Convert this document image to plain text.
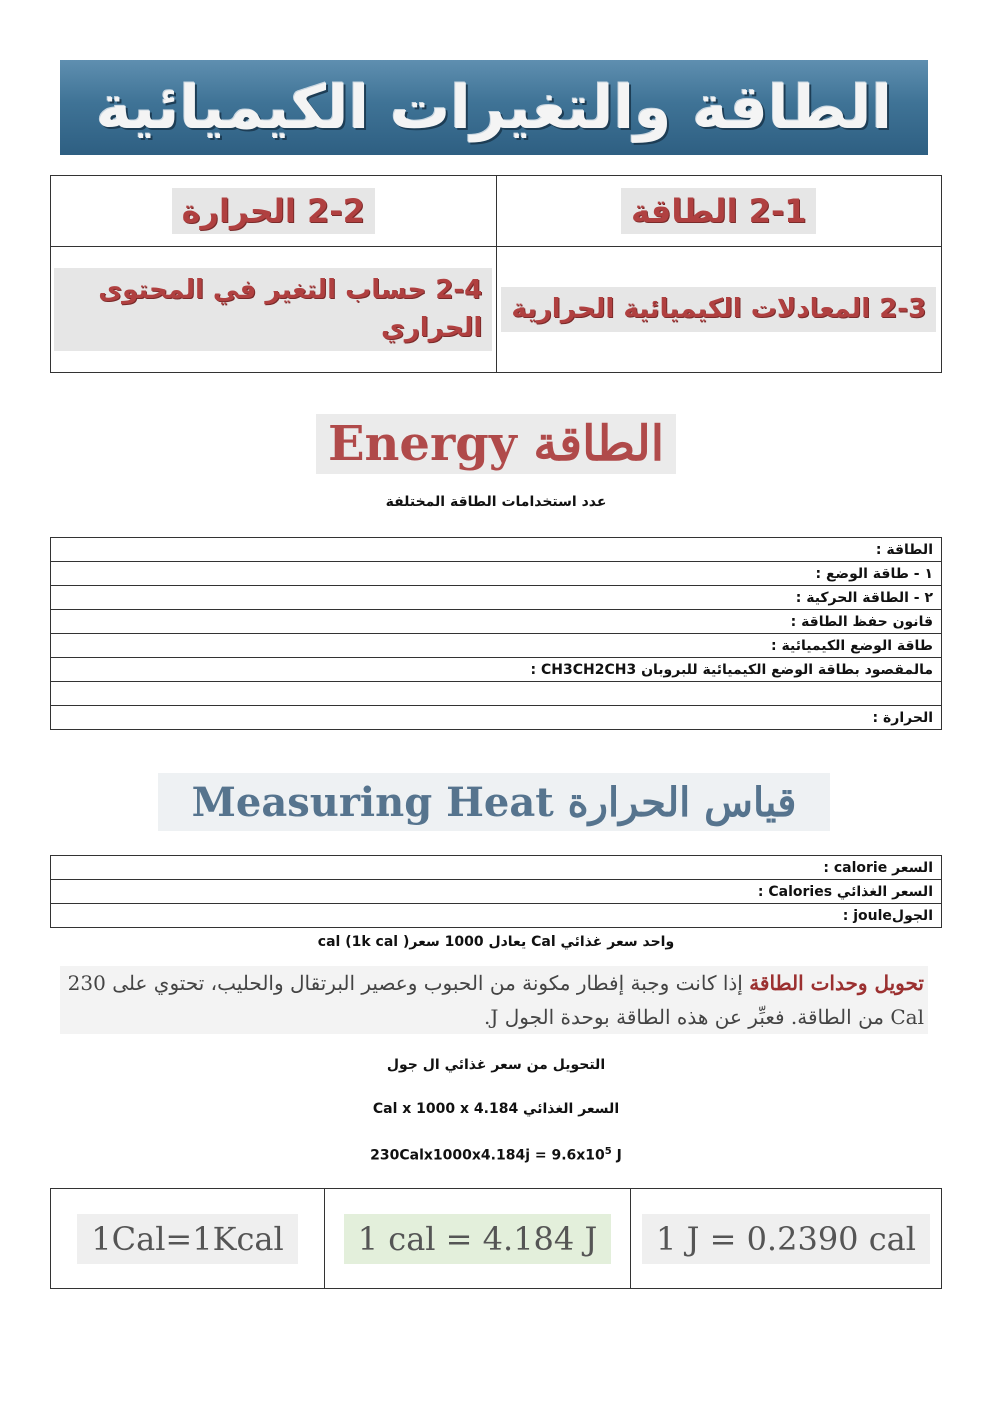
الطاقة والتغيرات الكيميائية
2-1 الطاقة	2-2 الحرارة
2-3 المعادلات الكيميائية الحرارية	2-4 حساب التغير في المحتوى الحراري
Energy الطاقة
عدد استخدامات الطاقة المختلفة
الطاقة :
١ - طاقة الوضع :
٢ - الطاقة الحركية :
قانون حفظ الطاقة :
طاقة الوضع الكيميائية :
مالمقصود بطاقة الوضع الكيميائية للبروبان CH3CH2CH3 :

الحرارة :
Measuring Heat قياس الحرارة
السعر calorie :
السعر الغذائي Calories :
الجولjoule :
واحد سعر غذائي Cal يعادل 1000 سعرcal (1k cal )
تحويل وحدات الطاقة إذا كانت وجبة إفطار مكونة من الحبوب وعصير البرتقال والحليب، تحتوي على 230 Cal من الطاقة. فعبِّر عن هذه الطاقة بوحدة الجول J.
التحويل من سعر غذائي ال جول
السعر الغذائي Cal x 1000 x 4.184
230Calx1000x4.184j = $9.6x10^5$ J
1Cal=1Kcal	1 cal = 4.184 J	1 J = 0.2390 cal
